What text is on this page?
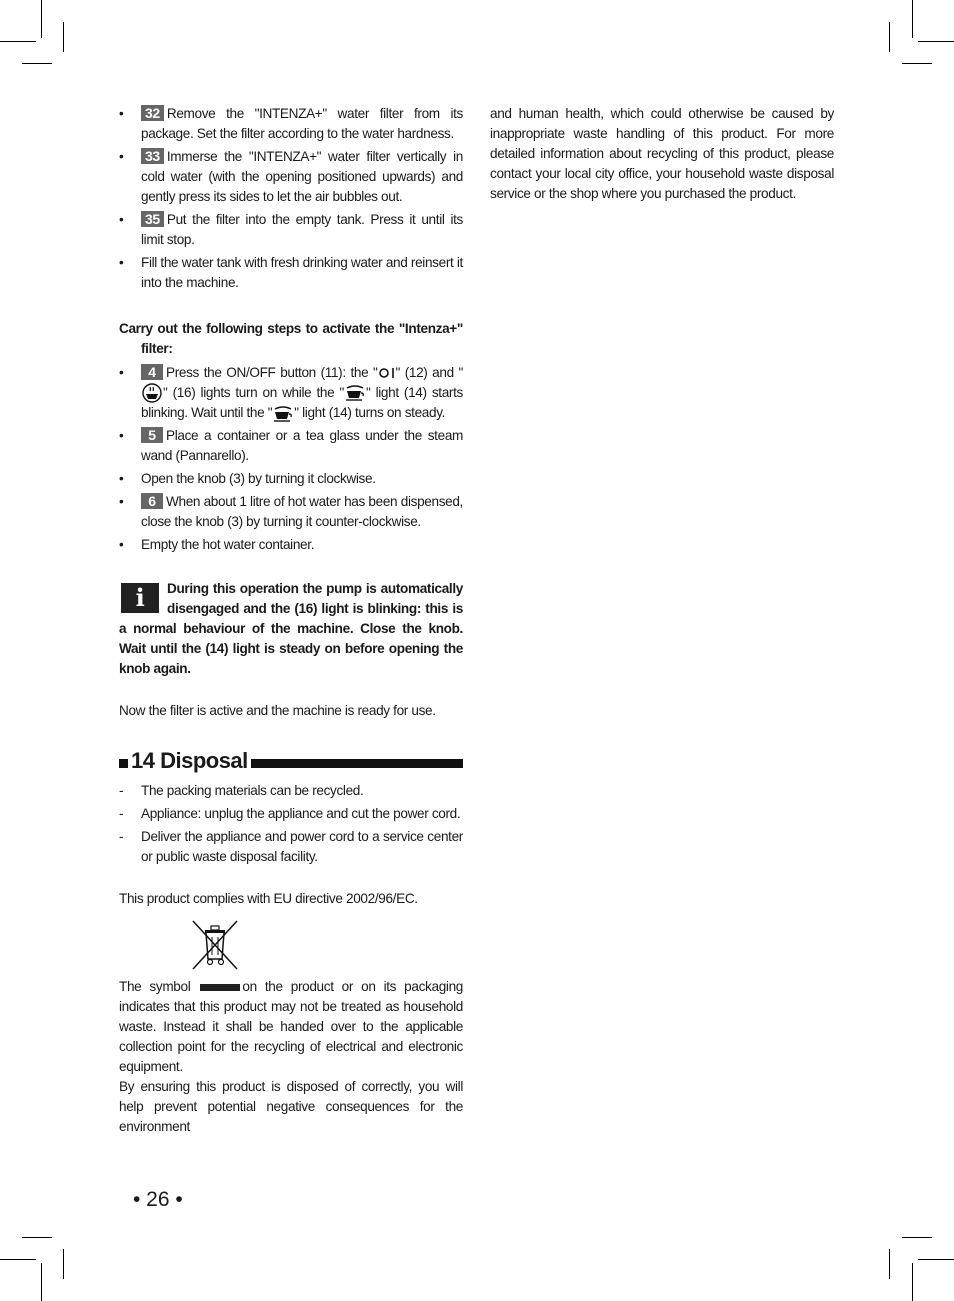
• 32 Remove the "INTENZA+" water filter from its package. Set the filter according to the water hardness.
• 33 Immerse the "INTENZA+" water filter vertically in cold water (with the opening positioned upwards) and gently press its sides to let the air bubbles out.
• 35 Put the filter into the empty tank. Press it until its limit stop.
• Fill the water tank with fresh drinking water and reinsert it into the machine.
Carry out the following steps to activate the "Intenza+" filter:
• 4 Press the ON/OFF button (11): the " " (12) and "" (16) lights turn on while the " " light (14) starts blinking. Wait until the " " light (14) turns on steady.
• 5 Place a container or a tea glass under the steam wand (Pannarello).
• Open the knob (3) by turning it clockwise.
• 6 When about 1 litre of hot water has been dispensed, close the knob (3) by turning it counter-clockwise.
• Empty the hot water container.
i	During this operation the pump is automatically disengaged and the (16) light is blinking: this is a normal behaviour of the machine. Close the knob. Wait until the (14) light is steady on before opening the knob again.
Now the filter is active and the machine is ready for use.
14 Disposal
- The packing materials can be recycled.
- Appliance: unplug the appliance and cut the power cord.
- Deliver the appliance and power cord to a service center or public waste disposal facility.
This product complies with EU directive 2002/96/EC.
The symbol	on the product or on its packaging indicates that this product may not be treated as household waste. Instead it shall be handed over to the applicable collection point for the recycling of electrical and electronic equipment.
By ensuring this product is disposed of correctly, you will help prevent potential negative consequences for the environment
and human health, which could otherwise be caused by inappropriate waste handling of this product. For more detailed information about recycling of this product, please contact your local city office, your household waste disposal service or the shop where you purchased the product.
• 26 •
